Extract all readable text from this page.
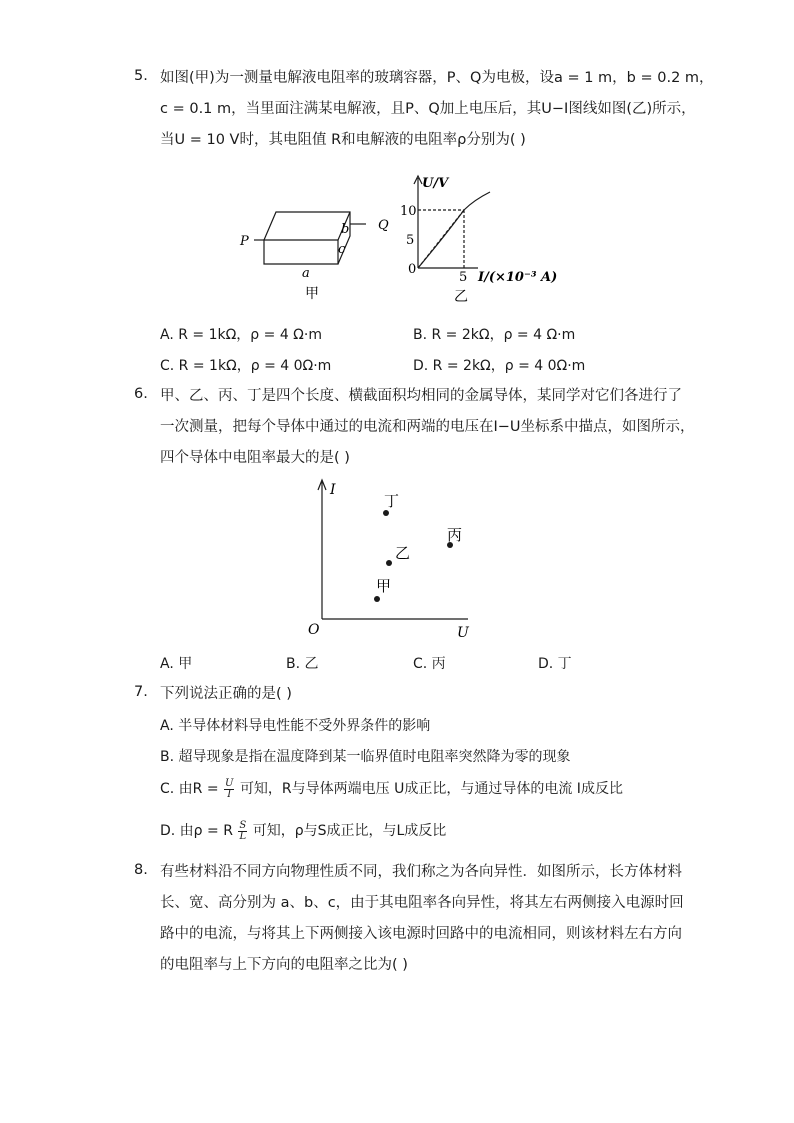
5. 如图(甲)为一测量电解液电阻率的玻璃容器，P、Q为电极，设a = 1 m，b = 0.2 m，
c = 0.1 m，当里面注满某电解液，且P、Q加上电压后，其U−I图线如图(乙)所示，
当U = 10 V时，其电阻值 R和电解液的电阻率ρ分别为( )
P
Q
b
c
a
甲
U/V
10
5
0
5 I/(×10⁻³ A)
乙
A. R = 1kΩ，ρ = 4 Ω·m	B. R = 2kΩ，ρ = 4 Ω·m
C. R = 1kΩ，ρ = 4 0Ω·m	D. R = 2kΩ，ρ = 4 0Ω·m
6. 甲、乙、丙、丁是四个长度、横截面积均相同的金属导体，某同学对它们各进行了
一次测量，把每个导体中通过的电流和两端的电压在I−U坐标系中描点，如图所示，
四个导体中电阻率最大的是( )
I
U
O
丁
丙
乙
甲
A. 甲	B. 乙	C. 丙	D. 丁
7. 下列说法正确的是( )
A. 半导体材料导电性能不受外界条件的影响
B. 超导现象是指在温度降到某一临界值时电阻率突然降为零的现象
C. 由$R = \frac{U}{I}$ 可知，R与导体两端电压 U成正比，与通过导体的电流 I成反比
D. 由ρ = R $\frac{S}{L}$ 可知，ρ与S成正比，与L成反比
8. 有些材料沿不同方向物理性质不同，我们称之为各向异性．如图所示，长方体材料
长、宽、高分别为 a、b、c，由于其电阻率各向异性，将其左右两侧接入电源时回
路中的电流，与将其上下两侧接入该电源时回路中的电流相同，则该材料左右方向
的电阻率与上下方向的电阻率之比为( )
